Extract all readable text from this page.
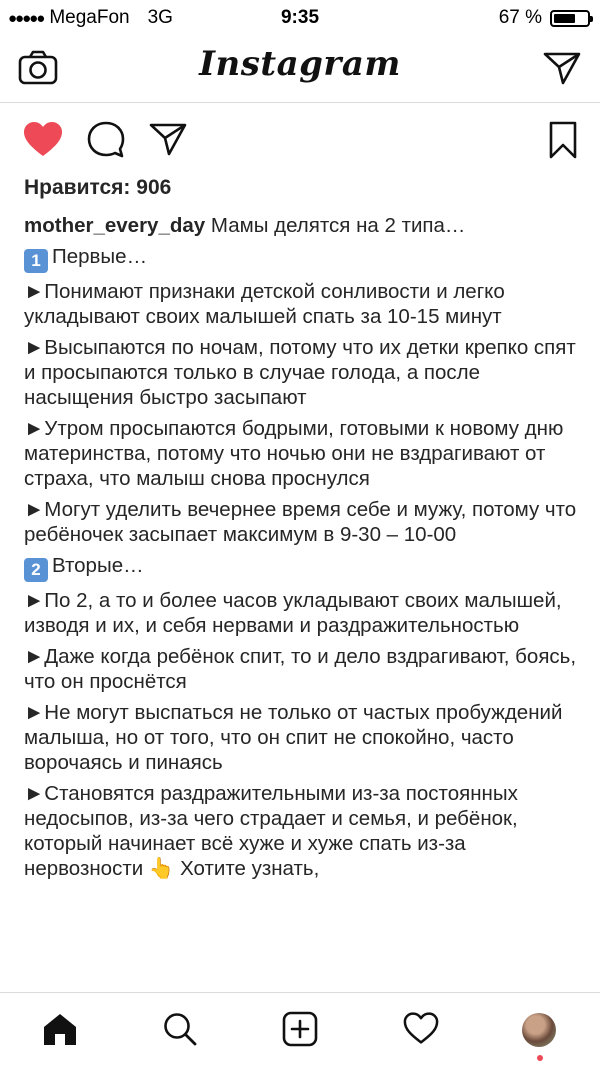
●●●●● MegaFon 3G	9:35	67 %
Instagram
Нравится: 906

mother_every_day Мамы делятся на 2 типа…

1 Первые…

►Понимают признаки детской сонливости и легко укладывают своих малышей спать за 10-15 минут

►Высыпаются по ночам, потому что их детки крепко спят и просыпаются только в случае голода, а после насыщения быстро засыпают

►Утром просыпаются бодрыми, готовыми к новому дню материнства, потому что ночью они не вздрагивают от страха, что малыш снова проснулся

►Могут уделить вечернее время себе и мужу, потому что ребёночек засыпает максимум в 9-30 – 10-00

2 Вторые…

►По 2, а то и более часов укладывают своих малышей, изводя и их, и себя нервами и раздражительностью

►Даже когда ребёнок спит, то и дело вздрагивают, боясь, что он проснётся

►Не могут выспаться не только от частых пробуждений малыша, но от того, что он спит не спокойно, часто ворочаясь и пинаясь

►Становятся раздражительными из-за постоянных недосыпов, из-за чего страдает и семья, и ребёнок, который начинает всё хуже и хуже спать из-за нервозности 👆 Хотите узнать,
